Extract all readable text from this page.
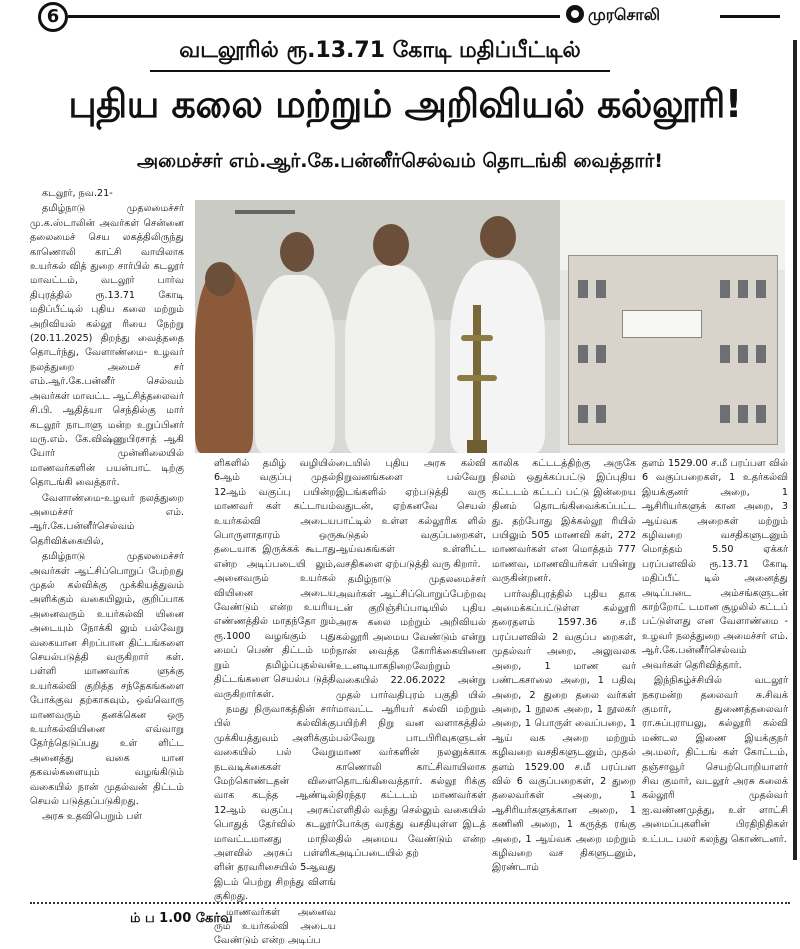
6	முரசொலி
வடலூரில் ரூ.13.71 கோடி மதிப்பீட்டில்
புதிய கலை மற்றும் அறிவியல் கல்லூரி!
அமைச்சர் எம்.ஆர்.கே.பன்னீர்செல்வம் தொடங்கி வைத்தார்!

கடலூர், நவ.21-

தமிழ்நாடு முதலமைச்சர் மு.க.ஸ்டாலின் அவர்கள் சென்னை தலைமைச் செய லகத்திலிருந்து காணொலி காட்சி வாயிலாக உயர்கல் வித் துறை சார்பில் கடலூர் மாவட்டம், வடலூர் பார்வ திபுரத்தில் ரூ.13.71 கோடி மதிப்பீட்டில் புதிய கலை மற்றும் அறிவியல் கல்லூ ரியை நேற்று (20.11.2025) திறந்து வைத்ததை தொடர்ந்து, வேளாண்மை- உழவர் நலத்துறை அமைச் சர் எம்.ஆர்.கே.பன்னீர் செல்வம் அவர்கள் மாவட்ட ஆட்சித்தலைவர் சி.பி. ஆதித்யா செந்தில்கு மார் கடலூர் நாடாளு மன்ற உறுப்பினர் மரு.எம். கே.விஷ்ணுபிரசாத் ஆகி யோர் முன்னிலையில் மாணவர்களின் பயன்பாட் டிற்கு தொடங்கி வைத்தார்.

வேளாண்மை-உழவர் நலத்துறை அமைச்சர் எம். ஆர்.கே.பன்னீர்செல்வம் தெரிவிக்கையில்,

தமிழ்நாடு முதலமைச்சர் அவர்கள் ஆட்சிப்பொறுப் பேற்றது முதல் கல்விக்கு முக்கியத்துவம் அளிக்கும் வகையிலும், குறிப்பாக அனைவரும் உயர்கல்வி யினை அடையும் நோக்கி லும் பல்வேறு வகையான சிறப்பான திட்டங்களை செயல்படுத்தி வருகிறார் கள். பள்ளி மாணவர்க ளுக்கு உயர்கல்வி குறித்த சந்தேகங்களை போக்குவ தற்காகவும், ஒவ்வொரு மாணவரும் தனக்கென ஒரு உயர்கல்வியினை எவ்வாறு தேர்ந்தெடுப்பது உள் ளிட்ட அனைத்து வகை யான தகவல்களையும் வழங்கிடும் வகையில் நான் முதல்வன் திட்டம் செயல் படுத்தப்படுகிறது.

அரசு உதவிபெறும் பள்

ளிகளில் தமிழ் வழியில் 6ஆம் வகுப்பு முதல் 12ஆம் வகுப்பு பயின்ற மாணவர் கள் கட்டாயம் உயர்கல்வி அடைய பொருளாதாரம் ஒரு தடையாக இருக்கக் கூடாது என்ற அடிப்படையி லும், அனைவரும் உயர்கல் வியினை அடைய வேண்டும் என்ற உயரிய எண்ணத்தில் மாதந்தோ றும் ரூ.1000 வழங்கும் புது மைப் பெண் திட்டம் மற் றும் தமிழ்ப்புதல்வன் திட்டங்களை செயல்ப டுத்தி வருகிறார்கள்.

நமது நிருவாகத்தின் சார் பில் கல்விக்கு முக்கியத்துவம் அளிக்கும் வகையில் பல் வேறு நடவடிக்கைகள் மேற்கொண்டதன் விளை வாக கடந்த ஆண்டில் 12ஆம் வகுப்பு அரசுப் பொதுத் தேர்வில் கடலூர் மாவட்டமானது மாநில அளவில் அரசுப் பள்ளிக ளின் தரவரிசையில் 5ஆவது இடம் பெற்று சிறந்து விளங் குகிறது.

மாணவர்கள் அனைவ ரும் உயர்கல்வி அடைய வேண்டும் என்ற அடிப்ப

டையில் புதிய அரசு கல்வி நிறுவனங்களை பல்வேறு இடங்களில் ஏற்படுத்தி வரு வதுடன், ஏற்கனவே செயல் பாட்டில் உள்ள கல்லூரிக ளில் கூடுதல் வகுப்பறைகள், ஆய்வகங்கள் உள்ளிட்ட வசதிகளை ஏற்படுத்தி வரு கிறார்.

தமிழ்நாடு முதலமைச்சர் அவர்கள் ஆட்சிப்பொறுப்பேற்றவு டன் குறிஞ்சிப்பாடியில் புதிய அரசு கலை மற்றும் அறிவியல் கல்லூரி அமைய வேண்டும் என்று நான் வைத்த கோரிக்கையினை உடனடியாகநிறைவேற்றும் வகையில் 22.06.2022 அன்று முதல் பார்வதிபுரம் பகுதி யில் மாவட்ட ஆரியர் கல்வி மற்றும் பயிற்சி நிறு வன வளாகத்தில் பல்வேறு பாடபிரிவுகளுடன் மாண வர்களின் நலனுக்காக காணொலி காட்சிவாயிலாக தொடங்கிவைத்தார். கல்லூ ரிக்கு நிரந்தர கட்டடம் மாணவர்கள் எளிதில் வந்து செல்லும் வகையில் போக்கு வரத்து வசதியுள்ள இடத் தில் அமைய வேண்டும் என்ற அடிப்படையில் தற்

காலிக கட்டடத்திற்கு அருகே நிலம் ஒதுக்கப்பட்டு இப்புதிய கட்டடம் கட்டப் பட்டு இன்றைய தினம் தொடங்கிவைக்கப்பட்ட து. தற்போது இக்கல்லூ ரியில் பயிலும் 505 மாணவி கள், 272 மாணவர்கள் என மொத்தம் 777 மாணவ, மாணவியர்கள் பயின்று வருகின்றனர்.

பார்வதிபுரத்தில் புதிய தாக அமைக்கப்பட்டுள்ள கல்லூரி தரைதளம் 1597.36 ச.மீ பரப்பளவில் 2 வகுப்ப றைகள், முதல்வர் அறை, அலுவலக அறை, 1 மாண வர் பண்டகசாலை அறை, 1 பதிவு அறை, 2 துறை தலை வர்கள் அறை, 1 நூலக அறை, 1 நூலகர் அறை, 1 பொருள் வைப்பறை, 1 ஆய் வக அறை மற்றும் கழிவறை வசதிகளுடனும், முதல் தளம் 1529.00 ச.மீ பரப்பள வில் 6 வகுப்பறைகள், 2 துறை தலைவர்கள் அறை, 1 ஆசிரியர்களுக்கான அறை, 1 கணினி அறை, 1 கருத்த ரங்கு அறை, 1 ஆய்வக அறை மற்றும் கழிவறை வச திகளுடனும், இரண்டாம்

தளம் 1529.00 ச.மீ பரப்பள வில் 6 வகுப்பறைகள், 1 உதர்கல்வி இயக்குனர் அறை, 1 ஆசிரியர்களுக் கான அறை, 3 ஆய்வக அறைகள் மற்றும் கழிவறை வசதிகளுடனும் மொத்தம் 5.50 ஏக்கர் பரப்பளவில் ரூ.13.71 கோடி மதிப்பீட் டில் அனைத்து அடிப்படை அம்சங்களுடன் காற்றோட் டமான சூழலில் கட்டப் பட்டுள்ளது என வேளாண்மை - உழவர் நலத்துறை அமைச்சர் எம். ஆர்.கே.பன்னீர்செல்வம் அவர்கள் தெரிவித்தார்.

இந்நிகழ்ச்சியில் வடலூர் நகரமன்ற தலைவர் சு.சிவக் குமார், துணைத்தலைவர் ரா.சுப்புராயலு, கல்லூரி கல்வி மண்டல இணை இயக்குநர் அ.மலர், திட்டங் கள் கோட்டம், தஞ்சாவூர் செயற்பொறியாளர் சிவ குமார், வடலூர் அரசு கலைக் கல்லூரி முதல்வர் ஐ.வண்ணமுத்து, உள் ளாட்சி அமைப்புகளின் பிரதிநிதிகள் உட்பட பலர் கலந்து கொண்டனர்.

ம் ப 1.00 கேர்வ
